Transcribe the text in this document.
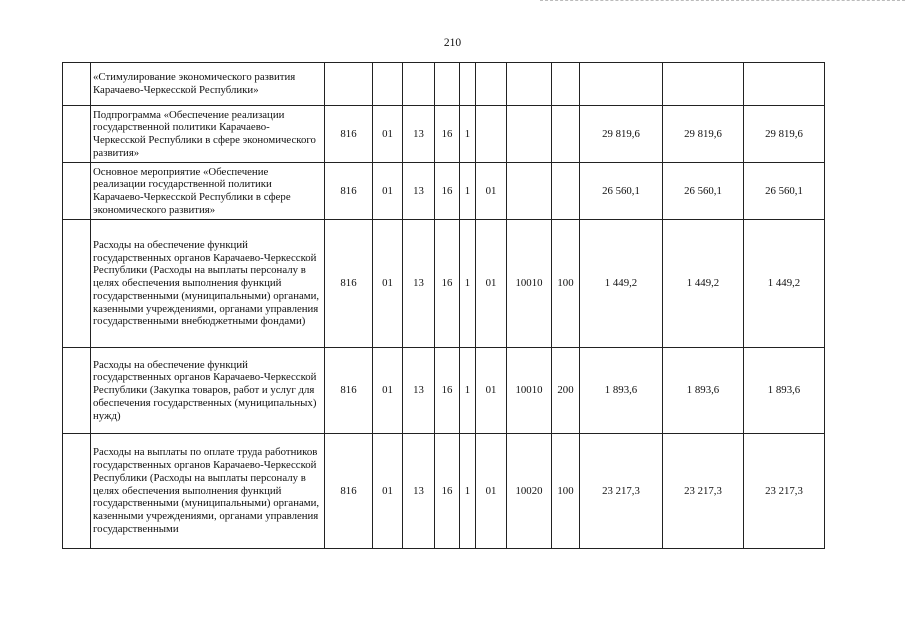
210
	«Стимулирование экономического развития Карачаево-Черкесской Республики»											
	Подпрограмма «Обеспечение реализации государственной политики Карачаево-Черкесской Республики в сфере экономического развития»	816	01	13	16	1				29 819,6	29 819,6	29 819,6
	Основное мероприятие «Обеспечение реализации государственной политики Карачаево-Черкесской Республики в сфере экономического развития»	816	01	13	16	1	01			26 560,1	26 560,1	26 560,1
	Расходы на обеспечение функций государственных органов Карачаево-Черкесской Республики (Расходы на выплаты персоналу в целях обеспечения выполнения функций государственными (муниципальными) органами, казенными учреждениями, органами управления государственными внебюджетными фондами)	816	01	13	16	1	01	10010	100	1 449,2	1 449,2	1 449,2
	Расходы на обеспечение функций государственных органов Карачаево-Черкесской Республики (Закупка товаров, работ и услуг для обеспечения государственных (муниципальных) нужд)	816	01	13	16	1	01	10010	200	1 893,6	1 893,6	1 893,6
	Расходы на выплаты по оплате труда работников государственных органов Карачаево-Черкесской Республики (Расходы на выплаты персоналу в целях обеспечения выполнения функций государственными (муниципальными) органами, казенными учреждениями, органами управления государственными	816	01	13	16	1	01	10020	100	23 217,3	23 217,3	23 217,3
